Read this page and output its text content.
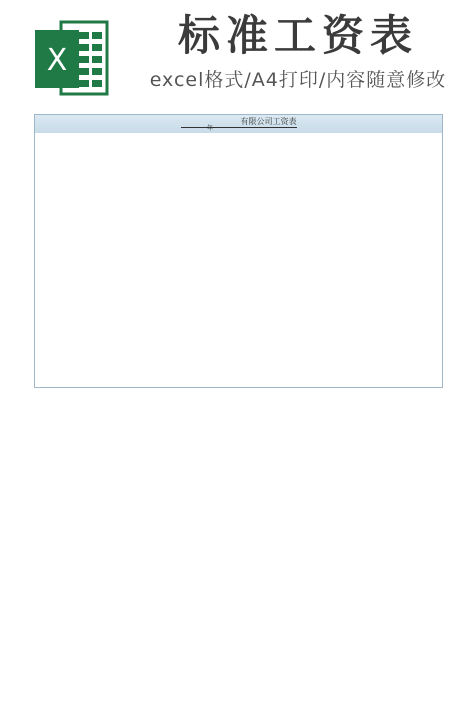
X
标准工资表
excel格式/A4打印/内容随意修改
有限公司工资表
年
